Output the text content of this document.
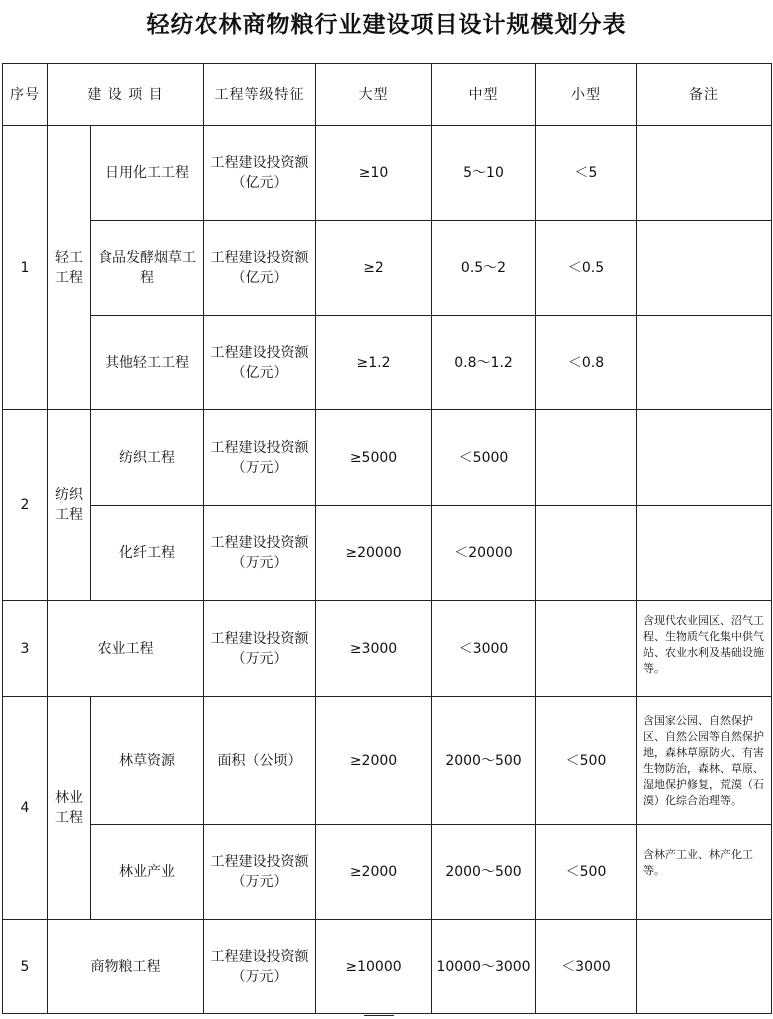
轻纺农林商物粮行业建设项目设计规模划分表
序号	建 设 项 目		工程等级特征	大型	中型	小型	备注
1	轻工工程	日用化工工程	工程建设投资额（亿元）	≥10	5～10	＜5	
		食品发酵烟草工程	工程建设投资额（亿元）	≥2	0.5～2	＜0.5	
		其他轻工工程	工程建设投资额（亿元）	≥1.2	0.8～1.2	＜0.8	
2	纺织工程	纺织工程	工程建设投资额（万元）	≥5000	＜5000		
		化纤工程	工程建设投资额（万元）	≥20000	＜20000		
3	农业工程		工程建设投资额（万元）	≥3000	＜3000		含现代农业园区、沼气工程、生物质气化集中供气站、农业水利及基础设施等。
4	林业工程	林草资源	面积（公顷）	≥2000	2000～500	＜500	含国家公园、自然保护区、自然公园等自然保护地，森林草原防火、有害生物防治，森林、草原、湿地保护修复，荒漠（石漠）化综合治理等。
		林业产业	工程建设投资额（万元）	≥2000	2000～500	＜500	含林产工业、林产化工等。
5	商物粮工程		工程建设投资额（万元）	≥10000	10000～3000	＜3000	
